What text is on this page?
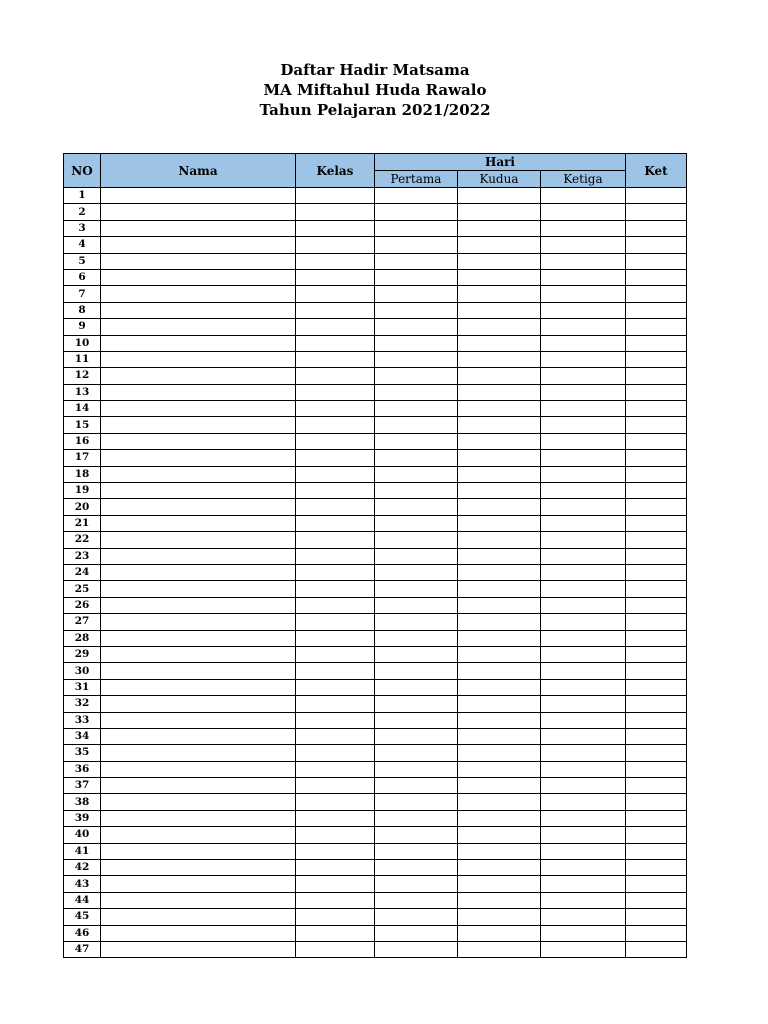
Daftar Hadir Matsama
MA Miftahul Huda Rawalo
Tahun Pelajaran 2021/2022
NO	Nama	Kelas	Hari			Ket
			Pertama	Kudua	Ketiga	
1						
2						
3						
4						
5						
6						
7						
8						
9						
10						
11						
12						
13						
14						
15						
16						
17						
18						
19						
20						
21						
22						
23						
24						
25						
26						
27						
28						
29						
30						
31						
32						
33						
34						
35						
36						
37						
38						
39						
40						
41						
42						
43						
44						
45						
46						
47						
